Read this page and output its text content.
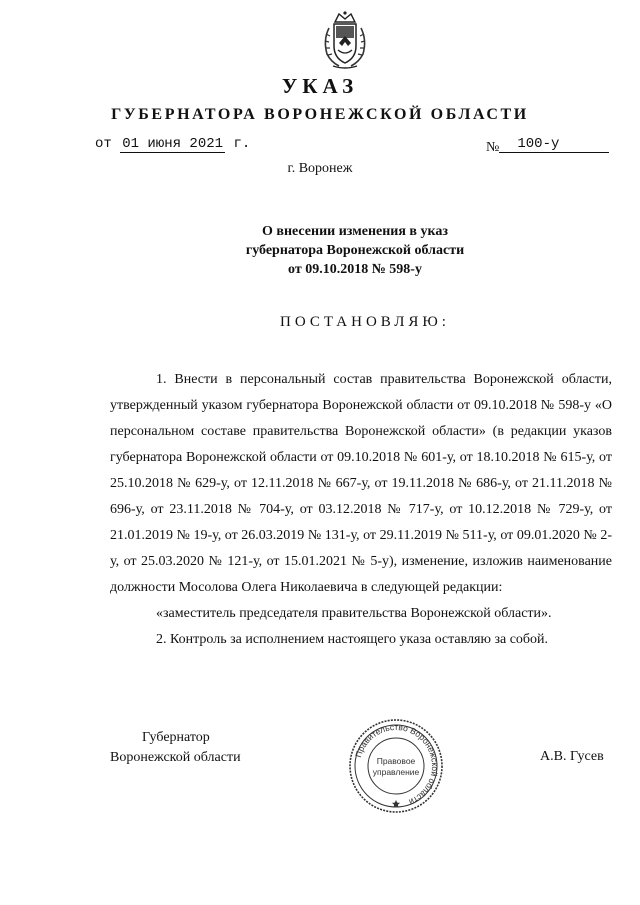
УКАЗ
ГУБЕРНАТОРА ВОРОНЕЖСКОЙ ОБЛАСТИ
от 01 июня 2021 г.	№ 100-у
г. Воронеж
О внесении изменения в указ
губернатора Воронежской области
от 09.10.2018 № 598-у
ПОСТАНОВЛЯЮ:

1. Внести в персональный состав правительства Воронежской области, утвержденный указом губернатора Воронежской области от 09.10.2018 № 598-у «О персональном составе правительства Воронежской области» (в редакции указов губернатора Воронежской области от 09.10.2018 № 601-у, от 18.10.2018 № 615-у, от 25.10.2018 № 629-у, от 12.11.2018 № 667-у, от 19.11.2018 № 686-у, от 21.11.2018 № 696-у, от 23.11.2018 № 704-у, от 03.12.2018 № 717-у, от 10.12.2018 № 729-у, от 21.01.2019 № 19-у, от 26.03.2019 № 131-у, от 29.11.2019 № 511-у, от 09.01.2020 № 2-у, от 25.03.2020 № 121-у, от 15.01.2021 № 5-у), изменение, изложив наименование должности Мосолова Олега Николаевича в следующей редакции:

«заместитель председателя правительства Воронежской области».

2. Контроль за исполнением настоящего указа оставляю за собой.

Губернатор
Воронежской области	Правительство Воронежской области
Правовое
управление
А.В. Гусев
